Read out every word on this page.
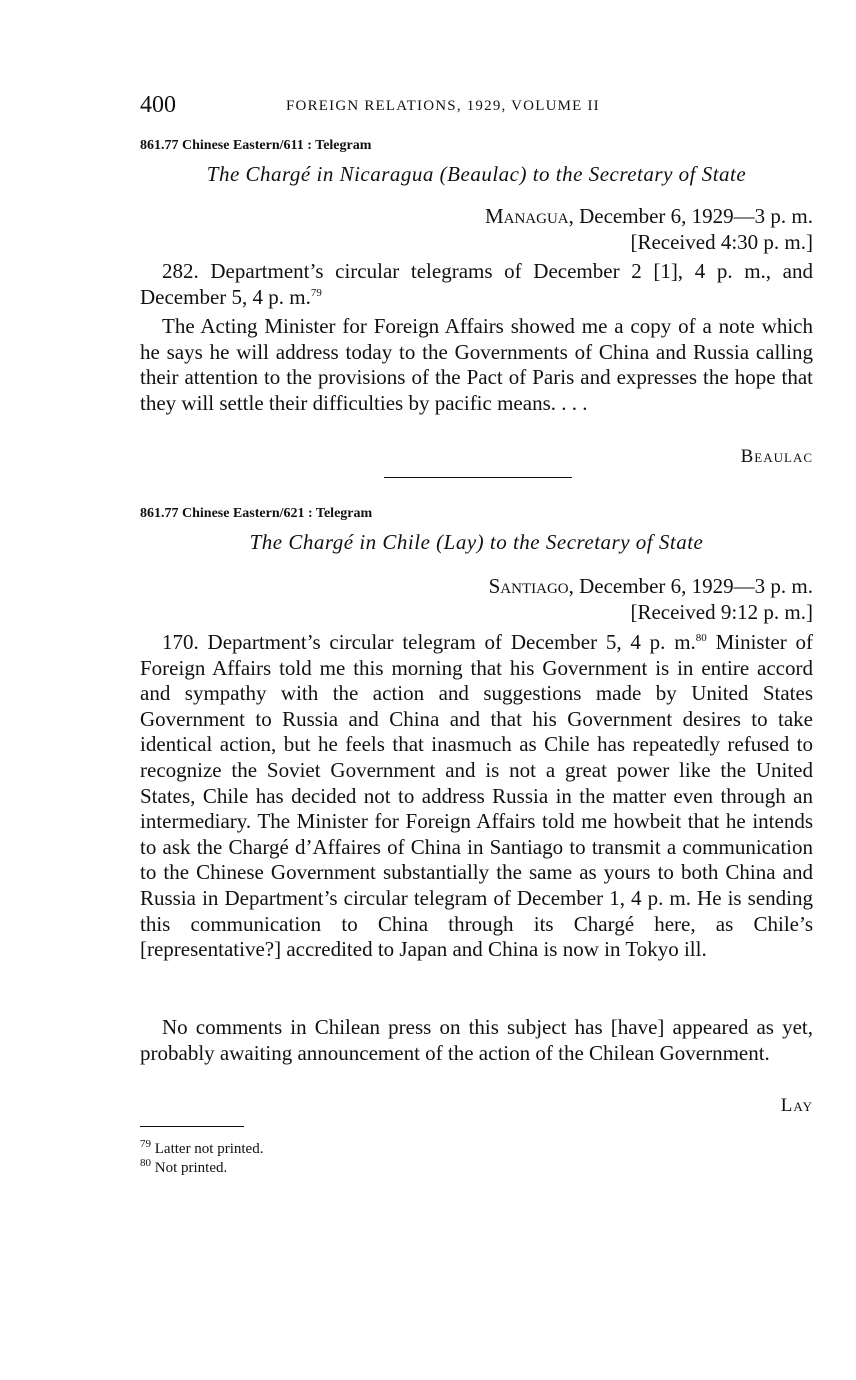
400	FOREIGN RELATIONS, 1929, VOLUME II
861.77 Chinese Eastern/611 : Telegram
The Chargé in Nicaragua (Beaulac) to the Secretary of State
Managua, December 6, 1929—3 p. m.
[Received 4:30 p. m.]

282. Department’s circular telegrams of December 2 [1], 4 p. m., and December 5, 4 p. m.$^{79}$

The Acting Minister for Foreign Affairs showed me a copy of a note which he says he will address today to the Governments of China and Russia calling their attention to the provisions of the Pact of Paris and expresses the hope that they will settle their difficulties by pacific means. . . .

Beaulac
861.77 Chinese Eastern/621 : Telegram
The Chargé in Chile (Lay) to the Secretary of State
Santiago, December 6, 1929—3 p. m.
[Received 9:12 p. m.]

170. Department’s circular telegram of December 5, 4 p. m.$^{80}$ Minister of Foreign Affairs told me this morning that his Government is in entire accord and sympathy with the action and suggestions made by United States Government to Russia and China and that his Government desires to take identical action, but he feels that inasmuch as Chile has repeatedly refused to recognize the Soviet Government and is not a great power like the United States, Chile has decided not to address Russia in the matter even through an intermediary. The Minister for Foreign Affairs told me howbeit that he intends to ask the Chargé d’Affaires of China in Santiago to transmit a communication to the Chinese Government substantially the same as yours to both China and Russia in Department’s circular telegram of December 1, 4 p. m. He is sending this communication to China through its Chargé here, as Chile’s [representative?] accredited to Japan and China is now in Tokyo ill.

No comments in Chilean press on this subject has [have] appeared as yet, probably awaiting announcement of the action of the Chilean Government.

Lay
$^{79}$ Latter not printed.
$^{80}$ Not printed.
